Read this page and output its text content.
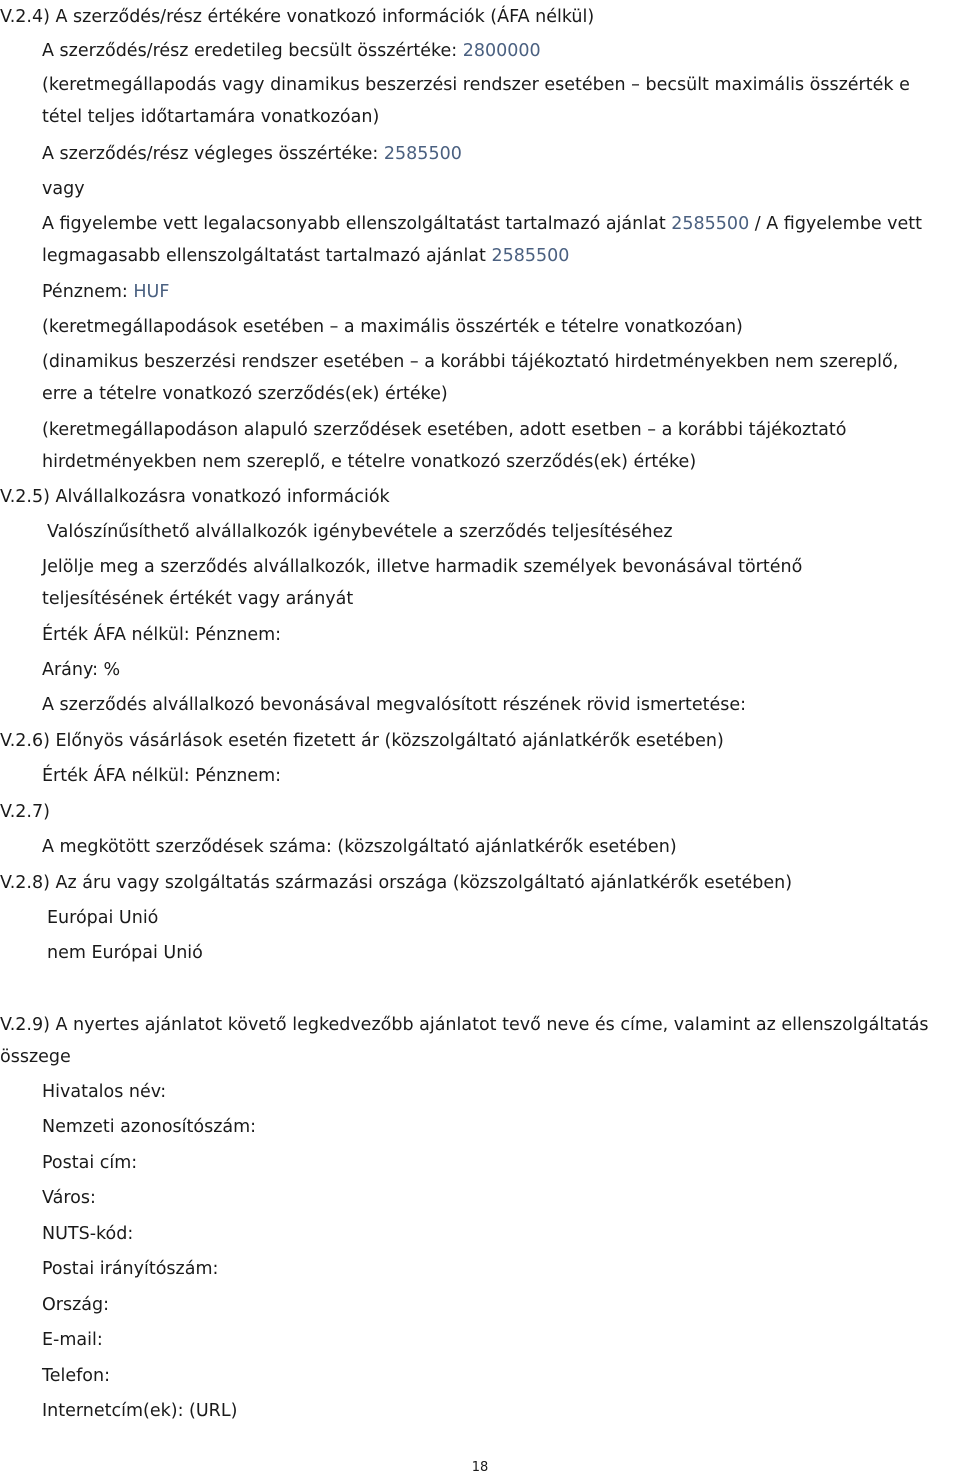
V.2.4) A szerződés/rész értékére vonatkozó információk (ÁFA nélkül)
A szerződés/rész eredetileg becsült összértéke: 2800000
(keretmegállapodás vagy dinamikus beszerzési rendszer esetében – becsült maximális összérték e
tétel teljes időtartamára vonatkozóan)
A szerződés/rész végleges összértéke: 2585500
vagy
A figyelembe vett legalacsonyabb ellenszolgáltatást tartalmazó ajánlat 2585500 / A figyelembe vett
legmagasabb ellenszolgáltatást tartalmazó ajánlat 2585500
Pénznem: HUF
(keretmegállapodások esetében – a maximális összérték e tételre vonatkozóan)
(dinamikus beszerzési rendszer esetében – a korábbi tájékoztató hirdetményekben nem szereplő,
erre a tételre vonatkozó szerződés(ek) értéke)
(keretmegállapodáson alapuló szerződések esetében, adott esetben – a korábbi tájékoztató
hirdetményekben nem szereplő, e tételre vonatkozó szerződés(ek) értéke)
V.2.5) Alvállalkozásra vonatkozó információk
Valószínűsíthető alvállalkozók igénybevétele a szerződés teljesítéséhez
Jelölje meg a szerződés alvállalkozók, illetve harmadik személyek bevonásával történő
teljesítésének értékét vagy arányát
Érték ÁFA nélkül: Pénznem:
Arány: %
A szerződés alvállalkozó bevonásával megvalósított részének rövid ismertetése:
V.2.6) Előnyös vásárlások esetén fizetett ár (közszolgáltató ajánlatkérők esetében)
Érték ÁFA nélkül: Pénznem:
V.2.7)
A megkötött szerződések száma: (közszolgáltató ajánlatkérők esetében)
V.2.8) Az áru vagy szolgáltatás származási országa (közszolgáltató ajánlatkérők esetében)
Európai Unió
nem Európai Unió
V.2.9) A nyertes ajánlatot követő legkedvezőbb ajánlatot tevő neve és címe, valamint az ellenszolgáltatás
összege
Hivatalos név:
Nemzeti azonosítószám:
Postai cím:
Város:
NUTS-kód:
Postai irányítószám:
Ország:
E-mail:
Telefon:
Internetcím(ek): (URL)
18
